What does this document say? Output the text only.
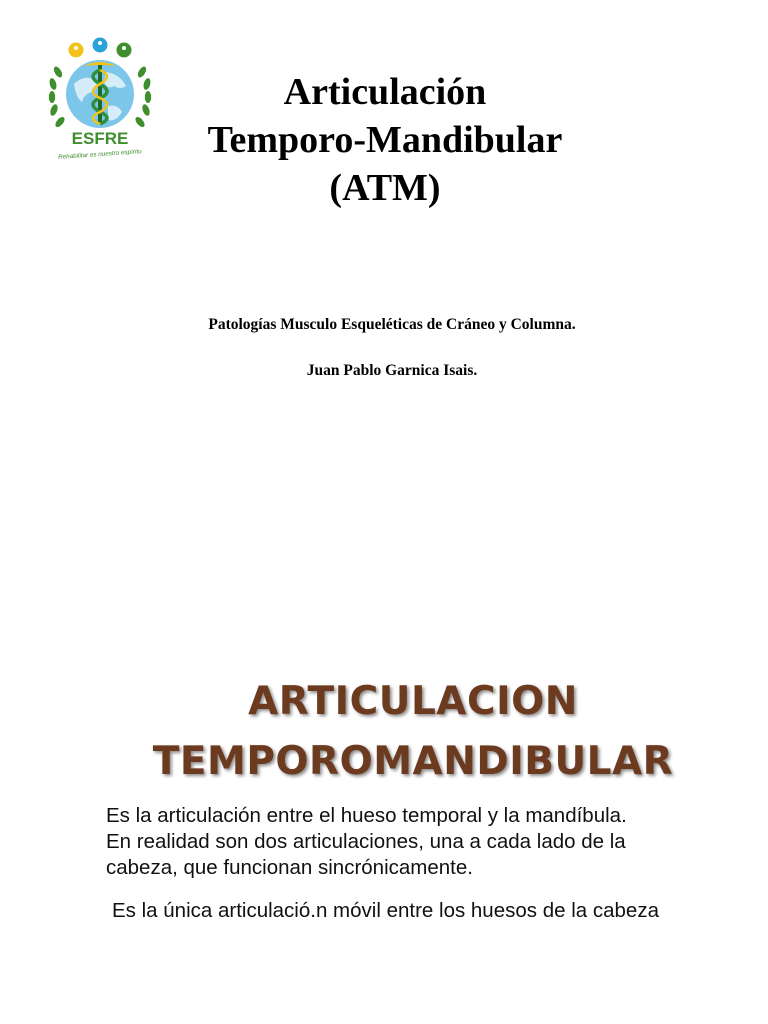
ESFRE
Rehabilitar es nuestro espíritu
Articulación
Temporo-Mandibular
(ATM)
Patologías Musculo Esqueléticas de Cráneo y Columna.
Juan Pablo Garnica Isais.
ARTICULACION
TEMPOROMANDIBULAR
Es la articulación entre el hueso temporal y la mandíbula.
En realidad son dos articulaciones, una a cada lado de la
cabeza, que funcionan sincrónicamente.
Es la única articulació.n móvil entre los huesos de la cabeza
